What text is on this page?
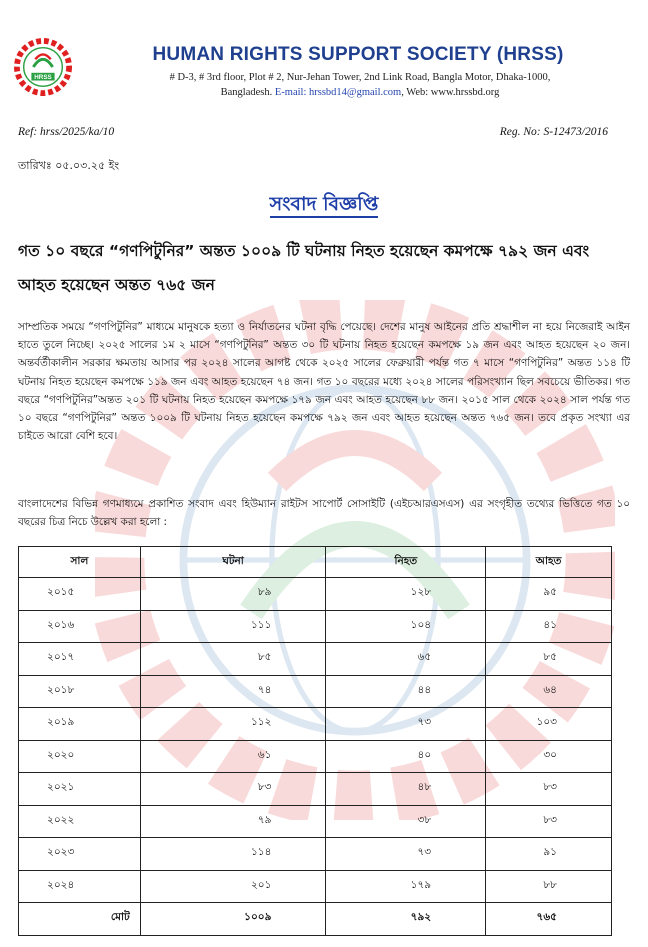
HRSS
HUMAN RIGHTS SUPPORT SOCIETY (HRSS)
# D-3, # 3rd floor, Plot # 2, Nur-Jehan Tower, 2nd Link Road, Bangla Motor, Dhaka-1000,
Bangladesh. E-mail: hrssbd14@gmail.com, Web: www.hrssbd.org
Ref: hrss/2025/ka/10	Reg. No: S-12473/2016
তারিখঃ ০৫.০৩.২৫ ইং
সংবাদ বিজ্ঞপ্তি
গত ১০ বছরে “গণপিটুনির” অন্তত ১০০৯ টি ঘটনায় নিহত হয়েছেন কমপক্ষে ৭৯২ জন এবং আহত হয়েছেন অন্তত ৭৬৫ জন
সাম্প্রতিক সময়ে “গণপিটুনির” মাধ্যমে মানুষকে হত্যা ও নির্যাতনের ঘটনা বৃদ্ধি পেয়েছে। দেশের মানুষ আইনের প্রতি শ্রদ্ধাশীল না হয়ে নিজেরাই আইন হাতে তুলে নিচ্ছে। ২০২৫ সালের ১ম ২ মাসে “গণপিটুনির” অন্তত ৩০ টি ঘটনায় নিহত হয়েছেন কমপক্ষে ১৯ জন এবং আহত হয়েছেন ২০ জন। অন্তর্বর্তীকালীন সরকার ক্ষমতায় আসার পর ২০২৪ সালের আগষ্ট থেকে ২০২৫ সালের ফেব্রুয়ারী পর্যন্ত গত ৭ মাসে “গণপিটুনির” অন্তত ১১৪ টি ঘটনায় নিহত হয়েছেন কমপক্ষে ১১৯ জন এবং আহত হয়েছেন ৭৪ জন। গত ১০ বছরের মধ্যে ২০২৪ সালের পরিসংখ্যান ছিল সবচেয়ে ভীতিকর। গত বছরে “গণপিটুনির”অন্তত ২০১ টি ঘটনায় নিহত হয়েছেন কমপক্ষে ১৭৯ জন এবং আহত হয়েছেন ৮৮ জন। ২০১৫ সাল থেকে ২০২৪ সাল পর্যন্ত গত ১০ বছরে “গণপিটুনির” অন্তত ১০০৯ টি ঘটনায় নিহত হয়েছেন কমপক্ষে ৭৯২ জন এবং আহত হয়েছেন অন্তত ৭৬৫ জন। তবে প্রকৃত সংখ্যা এর চাইতে আরো বেশি হবে।
বাংলাদেশের বিভিন্ন গণমাধ্যমে প্রকাশিত সংবাদ এবং হিউম্যান রাইটস সাপোর্ট সোসাইটি (এইচআরএসএস) এর সংগৃহীত তথ্যের ভিত্তিতে গত ১০ বছরের চিত্র নিচে উল্লেখ করা হলো :
সাল	ঘটনা	নিহত	আহত
২০১৫	৮৯	১২৮	৯৫
২০১৬	১১১	১০৪	৪১
২০১৭	৮৫	৬৫	৮৫
২০১৮	৭৪	৪৪	৬৪
২০১৯	১১২	৭৩	১০৩
২০২০	৬১	৪০	৩০
২০২১	৮৩	৪৮	৮৩
২০২২	৭৯	৩৮	৮৩
২০২৩	১১৪	৭৩	৯১
২০২৪	২০১	১৭৯	৮৮
মোট	১০০৯	৭৯২	৭৬৫
